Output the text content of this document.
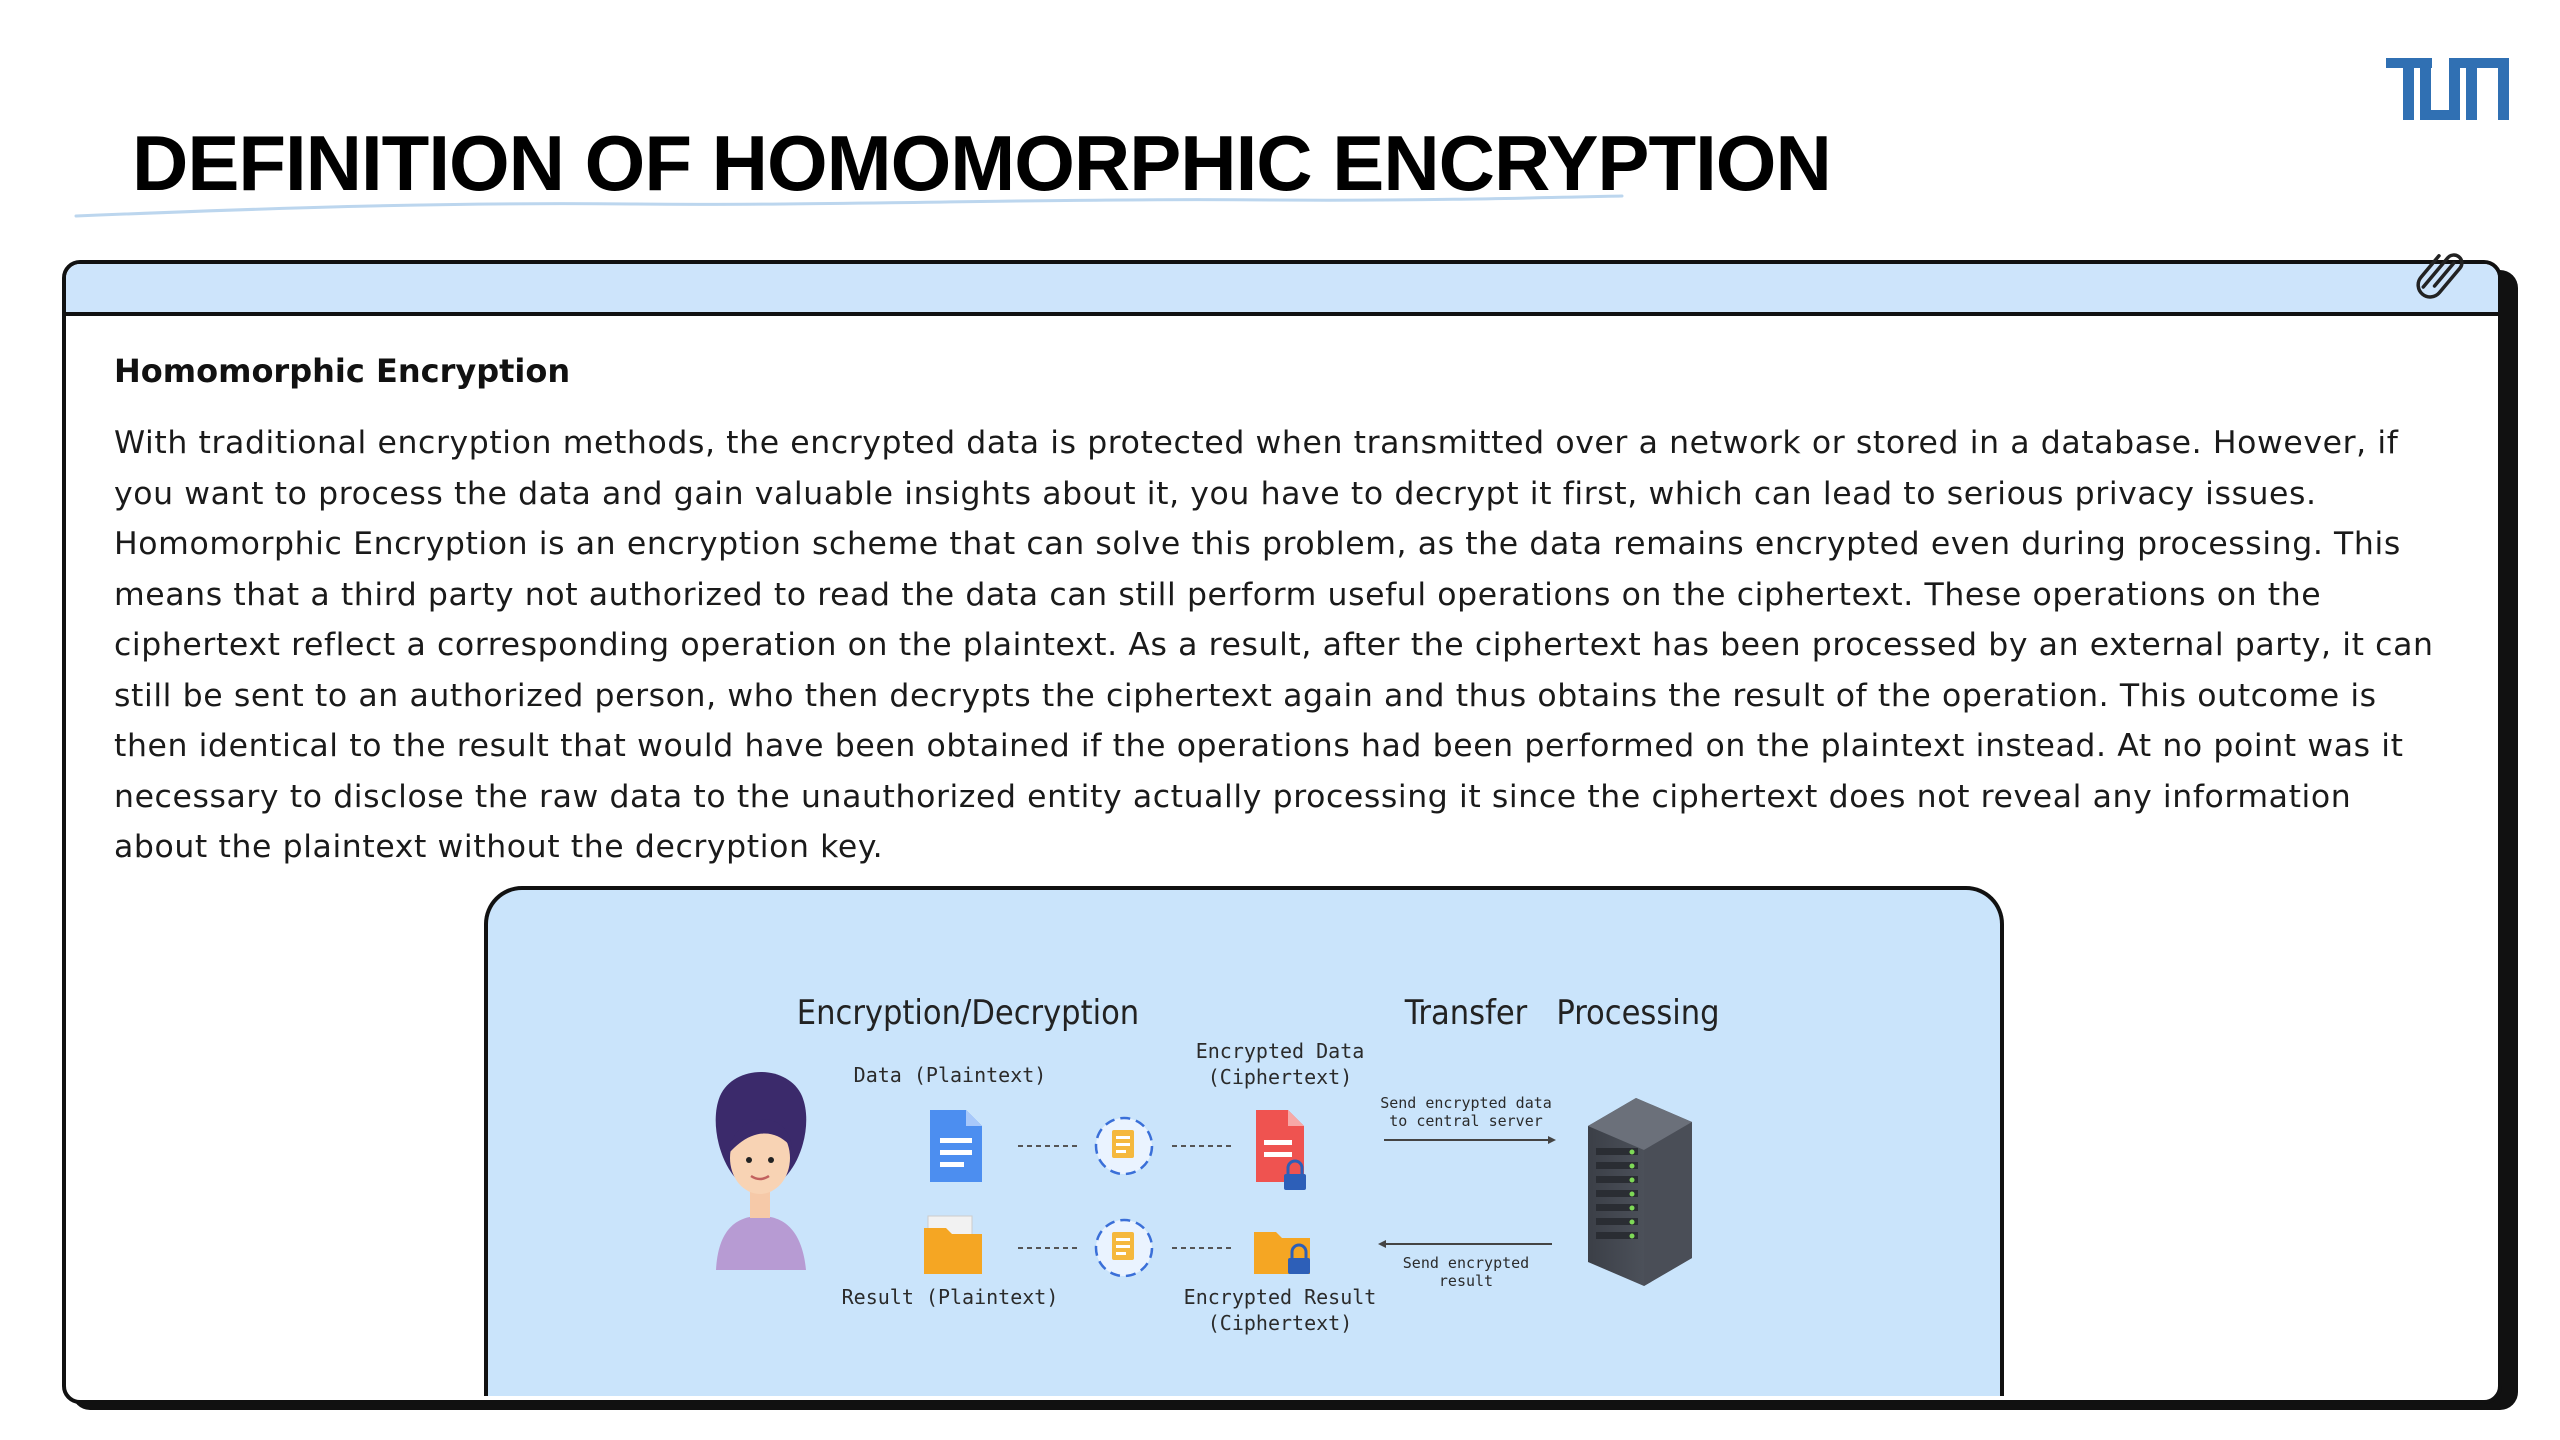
DEFINITION OF HOMOMORPHIC ENCRYPTION
Homomorphic Encryption

With traditional encryption methods, the encrypted data is protected when transmitted over a network or stored in a database. However, if you want to process the data and gain valuable insights about it, you have to decrypt it first, which can lead to serious privacy issues. Homomorphic Encryption is an encryption scheme that can solve this problem, as the data remains encrypted even during processing. This means that a third party not authorized to read the data can still perform useful operations on the ciphertext. These operations on the ciphertext reflect a corresponding operation on the plaintext. As a result, after the ciphertext has been processed by an external party, it can still be sent to an authorized person, who then decrypts the ciphertext again and thus obtains the result of the operation. This outcome is then identical to the result that would have been obtained if the operations had been performed on the plaintext instead. At no point was it necessary to disclose the raw data to the unauthorized entity actually processing it since the ciphertext does not reveal any information about the plaintext without the decryption key.

Encryption/Decryption	Transfer Processing
Data (Plaintext)
Encrypted Data
(Ciphertext)
Result (Plaintext)	Encrypted Result
(Ciphertext)
Send encrypted data
to central server
Send encrypted
result
